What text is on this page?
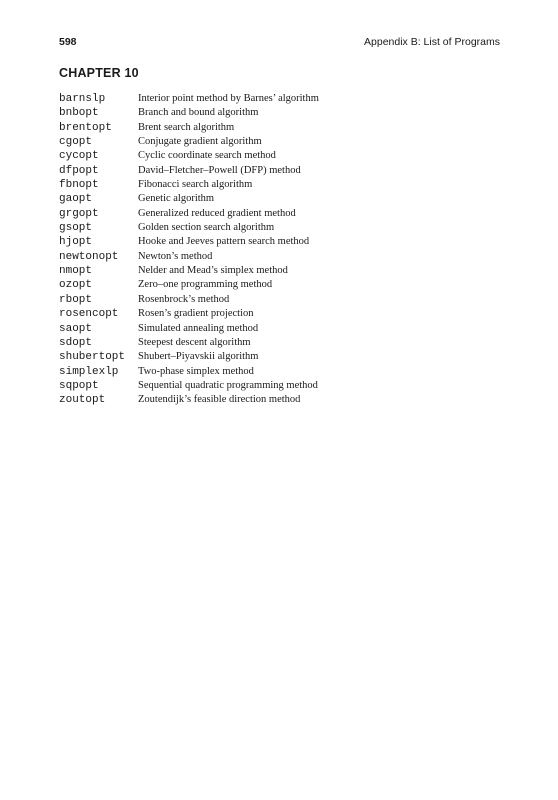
598	Appendix B: List of Programs
CHAPTER 10
barnslp	Interior point method by Barnes’ algorithm
bnbopt	Branch and bound algorithm
brentopt Brent search algorithm
cgopt	Conjugate gradient algorithm
cycopt	Cyclic coordinate search method
dfpopt	David–Fletcher–Powell (DFP) method
fbnopt	Fibonacci search algorithm
gaopt	Genetic algorithm
grgopt	Generalized reduced gradient method
gsopt	Golden section search algorithm
hjopt	Hooke and Jeeves pattern search method
newtonopt Newton’s method
nmopt	Nelder and Mead’s simplex method
ozopt	Zero–one programming method
rbopt	Rosenbrock’s method
rosencopt Rosen’s gradient projection
saopt	Simulated annealing method
sdopt	Steepest descent algorithm
shubertopt Shubert–Piyavskii algorithm
simplexlp Two-phase simplex method
sqpopt	Sequential quadratic programming method
zoutopt	Zoutendijk’s feasible direction method
